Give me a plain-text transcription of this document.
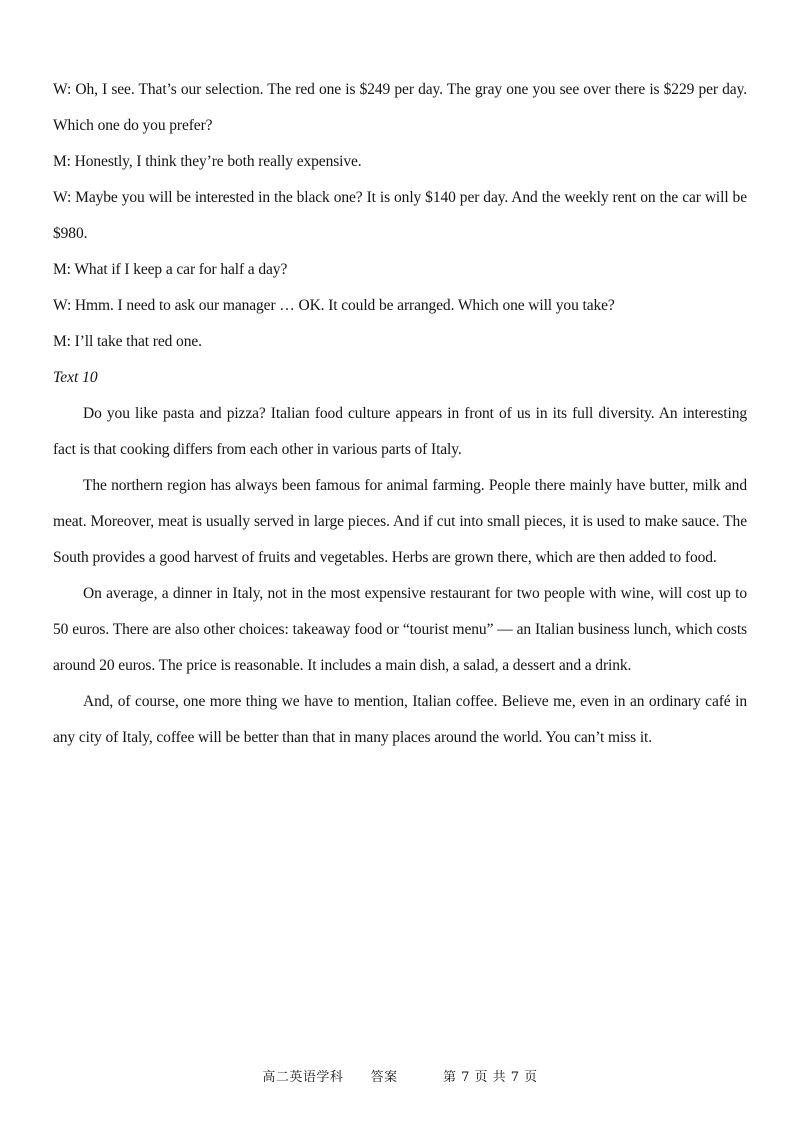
W: Oh, I see. That’s our selection. The red one is $249 per day. The gray one you see over there is $229 per day. Which one do you prefer?

M: Honestly, I think they’re both really expensive.

W: Maybe you will be interested in the black one? It is only $140 per day. And the weekly rent on the car will be $980.

M: What if I keep a car for half a day?

W: Hmm. I need to ask our manager … OK. It could be arranged. Which one will you take?

M: I’ll take that red one.

Text 10

Do you like pasta and pizza? Italian food culture appears in front of us in its full diversity. An interesting fact is that cooking differs from each other in various parts of Italy.

The northern region has always been famous for animal farming. People there mainly have butter, milk and meat. Moreover, meat is usually served in large pieces. And if cut into small pieces, it is used to make sauce. The South provides a good harvest of fruits and vegetables. Herbs are grown there, which are then added to food.

On average, a dinner in Italy, not in the most expensive restaurant for two people with wine, will cost up to 50 euros. There are also other choices: takeaway food or “tourist menu” — an Italian business lunch, which costs around 20 euros. The price is reasonable. It includes a main dish, a salad, a dessert and a drink.

And, of course, one more thing we have to mention, Italian coffee. Believe me, even in an ordinary café in any city of Italy, coffee will be better than that in many places around the world. You can’t miss it.

高二英语学科 答案	第 7 页 共 7 页
